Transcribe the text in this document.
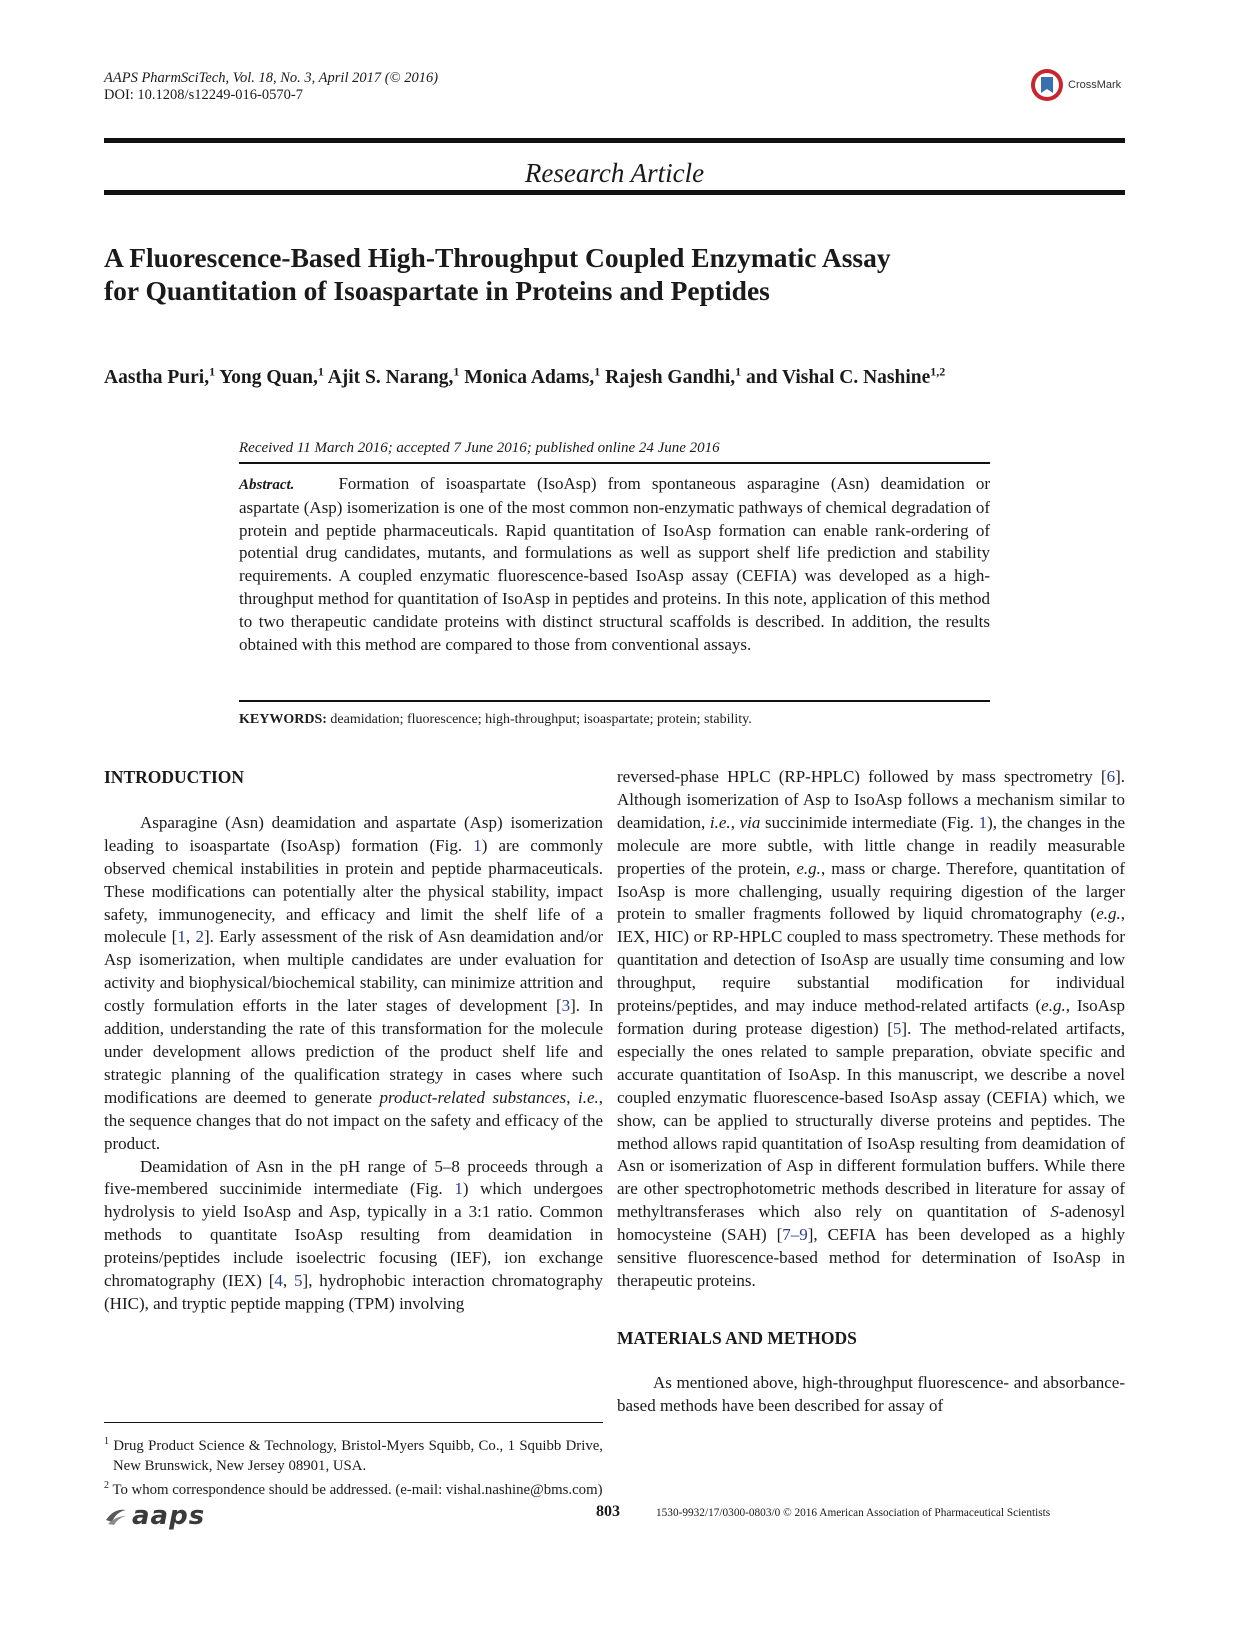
AAPS PharmSciTech, Vol. 18, No. 3, April 2017 (© 2016)
DOI: 10.1208/s12249-016-0570-7
CrossMark
Research Article
A Fluorescence-Based High-Throughput Coupled Enzymatic Assay
for Quantitation of Isoaspartate in Proteins and Peptides
Aastha Puri,$^1$ Yong Quan,$^1$ Ajit S. Narang,$^1$ Monica Adams,$^1$ Rajesh Gandhi,$^1$ and Vishal C. Nashine$^{1,2}$
Received 11 March 2016; accepted 7 June 2016; published online 24 June 2016
Abstract.	Formation of isoaspartate (IsoAsp) from spontaneous asparagine (Asn) deamidation or aspartate (Asp) isomerization is one of the most common non-enzymatic pathways of chemical degradation of protein and peptide pharmaceuticals. Rapid quantitation of IsoAsp formation can enable rank-ordering of potential drug candidates, mutants, and formulations as well as support shelf life prediction and stability requirements. A coupled enzymatic fluorescence-based IsoAsp assay (CEFIA) was developed as a high-throughput method for quantitation of IsoAsp in peptides and proteins. In this note, application of this method to two therapeutic candidate proteins with distinct structural scaffolds is described. In addition, the results obtained with this method are compared to those from conventional assays.
KEYWORDS: deamidation; fluorescence; high-throughput; isoaspartate; protein; stability.
INTRODUCTION

Asparagine (Asn) deamidation and aspartate (Asp) isomerization leading to isoaspartate (IsoAsp) formation (Fig. 1) are commonly observed chemical instabilities in protein and peptide pharmaceuticals. These modifications can potentially alter the physical stability, impact safety, immunogenecity, and efficacy and limit the shelf life of a molecule [1, 2]. Early assessment of the risk of Asn deamidation and/or Asp isomerization, when multiple candidates are under evaluation for activity and biophysical/biochemical stability, can minimize attrition and costly formulation efforts in the later stages of development [3]. In addition, understanding the rate of this transformation for the molecule under development allows prediction of the product shelf life and strategic planning of the qualification strategy in cases where such modifications are deemed to generate product-related substances, i.e., the sequence changes that do not impact on the safety and efficacy of the product.

Deamidation of Asn in the pH range of 5–8 proceeds through a five-membered succinimide intermediate (Fig. 1) which undergoes hydrolysis to yield IsoAsp and Asp, typically in a 3:1 ratio. Common methods to quantitate IsoAsp resulting from deamidation in proteins/peptides include isoelectric focusing (IEF), ion exchange chromatography (IEX) [4, 5], hydrophobic interaction chromatography (HIC), and tryptic peptide mapping (TPM) involving

reversed-phase HPLC (RP-HPLC) followed by mass spectrometry [6]. Although isomerization of Asp to IsoAsp follows a mechanism similar to deamidation, i.e., via succinimide intermediate (Fig. 1), the changes in the molecule are more subtle, with little change in readily measurable properties of the protein, e.g., mass or charge. Therefore, quantitation of IsoAsp is more challenging, usually requiring digestion of the larger protein to smaller fragments followed by liquid chromatography (e.g., IEX, HIC) or RP-HPLC coupled to mass spectrometry. These methods for quantitation and detection of IsoAsp are usually time consuming and low throughput, require substantial modification for individual proteins/peptides, and may induce method-related artifacts (e.g., IsoAsp formation during protease digestion) [5]. The method-related artifacts, especially the ones related to sample preparation, obviate specific and accurate quantitation of IsoAsp. In this manuscript, we describe a novel coupled enzymatic fluorescence-based IsoAsp assay (CEFIA) which, we show, can be applied to structurally diverse proteins and peptides. The method allows rapid quantitation of IsoAsp resulting from deamidation of Asn or isomerization of Asp in different formulation buffers. While there are other spectrophotometric methods described in literature for assay of methyltransferases which also rely on quantitation of S-adenosyl homocysteine (SAH) [7–9], CEFIA has been developed as a highly sensitive fluorescence-based method for determination of IsoAsp in therapeutic proteins.

MATERIALS AND METHODS

As mentioned above, high-throughput fluorescence- and absorbance-based methods have been described for assay of

$^1$ Drug Product Science & Technology, Bristol-Myers Squibb, Co., 1 Squibb Drive, New Brunswick, New Jersey 08901, USA.

$^2$ To whom correspondence should be addressed. (e-mail: vishal.nashine@bms.com)

aaps	803	1530-9932/17/0300-0803/0 © 2016 American Association of Pharmaceutical Scientists
